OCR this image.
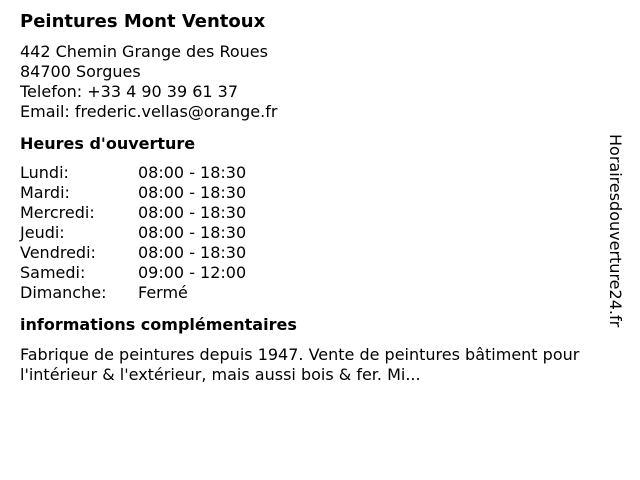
Peintures Mont Ventoux
442 Chemin Grange des Roues
84700 Sorgues
Telefon: +33 4 90 39 61 37
Email: frederic.vellas@orange.fr
Heures d'ouverture
Lundi:	08:00 - 18:30
Mardi:	08:00 - 18:30
Mercredi:	08:00 - 18:30
Jeudi:	08:00 - 18:30
Vendredi:	08:00 - 18:30
Samedi:	09:00 - 12:00
Dimanche:	Fermé
informations complémentaires
Fabrique de peintures depuis 1947. Vente de peintures bâtiment pour l'intérieur & l'extérieur, mais aussi bois & fer. Mi...
Horairesdouverture24.fr
